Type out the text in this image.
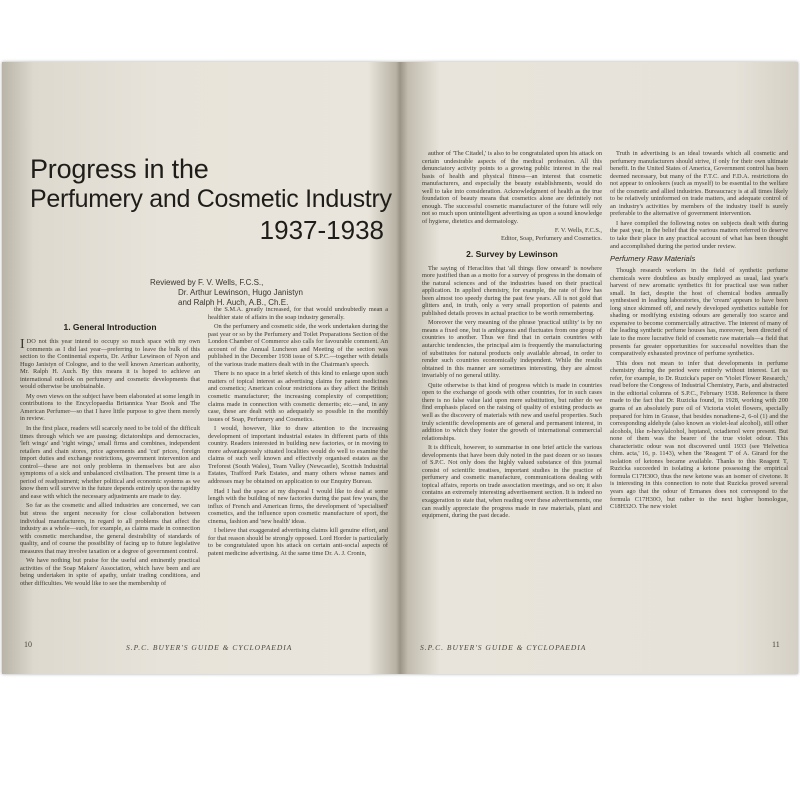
Progress in the
Perfumery and Cosmetic Industry
1937-1938
Reviewed by F. V. Wells, F.C.S.,
Dr. Arthur Lewinson, Hugo Janistyn
and Ralph H. Auch, A.B., Ch.E.
1. General Introduction

IDO not this year intend to occupy so much space with my own comments as I did last year—preferring to leave the bulk of this section to the Continental experts, Dr. Arthur Lewinson of Nyon and Hugo Janistyn of Cologne, and to the well known American authority, Mr. Ralph H. Auch. By this means it is hoped to achieve an international outlook on perfumery and cosmetic developments that would otherwise be unobtainable.

My own views on the subject have been elaborated at some length in contributions to the Encyclopaedia Britannica Year Book and The American Perfumer—so that I have little purpose to give them merely in review.

In the first place, readers will scarcely need to be told of the difficult times through which we are passing; dictatorships and democracies, 'left wings' and 'right wings,' small firms and combines, independent retailers and chain stores, price agreements and 'cut' prices, foreign import duties and exchange restrictions, government intervention and control—these are not only problems in themselves but are also symptoms of a sick and unbalanced civilisation. The present time is a period of readjustment; whether political and economic systems as we know them will survive in the future depends entirely upon the rapidity and ease with which the necessary adjustments are made to day.

So far as the cosmetic and allied industries are concerned, we can but stress the urgent necessity for close collaboration between individual manufacturers, in regard to all problems that affect the industry as a whole—such, for example, as claims made in connection with cosmetic merchandise, the general desirability of standards of quality, and of course the possibility of facing up to future legislative measures that may involve taxation or a degree of government control.

We have nothing but praise for the useful and eminently practical activities of the Soap Makers' Association, which have been and are being undertaken in spite of apathy, unfair trading conditions, and other difficulties. We would like to see the membership of

the S.M.A. greatly increased, for that would undoubtedly mean a healthier state of affairs in the soap industry generally.

On the perfumery and cosmetic side, the work undertaken during the past year or so by the Perfumery and Toilet Preparations Section of the London Chamber of Commerce also calls for favourable comment. An account of the Annual Luncheon and Meeting of the section was published in the December 1938 issue of S.P.C.—together with details of the various trade matters dealt with in the Chairman's speech.

There is no space in a brief sketch of this kind to enlarge upon such matters of topical interest as advertising claims for patent medicines and cosmetics; American colour restrictions as they affect the British cosmetic manufacturer; the increasing complexity of competition; claims made in connection with cosmetic demerits; etc.—and, in any case, these are dealt with so adequately so possible in the monthly issues of Soap, Perfumery and Cosmetics.

I would, however, like to draw attention to the increasing development of important industrial estates in different parts of this country. Readers interested in building new factories, or in moving to more advantageously situated localities would do well to examine the claims of such well known and effectively organised estates as the Treforest (South Wales), Team Valley (Newcastle), Scottish Industrial Estates, Trafford Park Estates, and many others whose names and addresses may be obtained on application to our Enquiry Bureau.

Had I had the space at my disposal I would like to deal at some length with the building of new factories during the past few years, the influx of French and American firms, the development of 'specialised' cosmetics, and the influence upon cosmetic manufacture of sport, the cinema, fashion and 'new health' ideas.

I believe that exaggerated advertising claims kill genuine effort, and for that reason should be strongly opposed. Lord Horder is particularly to be congratulated upon his attack on certain anti-social aspects of patent medicine advertising. At the same time Dr. A. J. Cronin,

10	S.P.C. BUYER'S GUIDE & CYCLOPAEDIA

author of 'The Citadel,' is also to be congratulated upon his attack on certain undesirable aspects of the medical profession. All this denunciatory activity points to a growing public interest in the real basis of health and physical fitness—an interest that cosmetic manufacturers, and especially the beauty establishments, would do well to take into consideration. Acknowledgment of health as the true foundation of beauty means that cosmetics alone are definitely not enough. The successful cosmetic manufacturer of the future will rely not so much upon unintelligent advertising as upon a sound knowledge of hygiene, dietetics and dermatology.

F. V. Wells, F.C.S.,

Editor, Soap, Perfumery and Cosmetics.

2. Survey by Lewinson

The saying of Heraclites that 'all things flow onward' is nowhere more justified than as a motto for a survey of progress in the domain of the natural sciences and of the industries based on their practical application. In applied chemistry, for example, the rate of flow has been almost too speedy during the past few years. All is not gold that glitters and, in truth, only a very small proportion of patents and published details proves in actual practice to be worth remembering.

Moreover the very meaning of the phrase 'practical utility' is by no means a fixed one, but is ambiguous and fluctuates from one group of countries to another. Thus we find that in certain countries with autarchic tendencies, the principal aim is frequently the manufacturing of substitutes for natural products only available abroad, in order to render such countries economically independent. While the results obtained in this manner are sometimes interesting, they are almost invariably of no general utility.

Quite otherwise is that kind of progress which is made in countries open to the exchange of goods with other countries, for in such cases there is no false value laid upon mere substitution, but rather do we find emphasis placed on the raising of quality of existing products as well as the discovery of materials with new and useful properties. Such truly scientific developments are of general and permanent interest, in addition to which they foster the growth of international commercial relationships.

It is difficult, however, to summarise in one brief article the various developments that have been duly noted in the past dozen or so issues of S.P.C. Not only does the highly valued substance of this journal consist of scientific treatises, important studies in the practice of perfumery and cosmetic manufacture, communications dealing with topical affairs, reports on trade association meetings, and so on; it also contains an extremely interesting advertisement section. It is indeed no exaggeration to state that, when reading over these advertisements, one can readily appreciate the progress made in raw materials, plant and equipment, during the past decade.

Truth in advertising is an ideal towards which all cosmetic and perfumery manufacturers should strive, if only for their own ultimate benefit. In the United States of America, Government control has been deemed necessary, but many of the F.T.C. and F.D.A. restrictions do not appear to onlookers (such as myself) to be essential to the welfare of the cosmetic and allied industries. Bureaucracy is at all times likely to be relatively uninformed on trade matters, and adequate control of an industry's activities by members of the industry itself is surely preferable to the alternative of government intervention.

I have compiled the following notes on subjects dealt with during the past year, in the belief that the various matters referred to deserve to take their place in any practical account of what has been thought and accomplished during the period under review.

Perfumery Raw Materials

Though research workers in the field of synthetic perfume chemicals were doubtless as busily employed as usual, last year's harvest of new aromatic synthetics fit for practical use was rather small. In fact, despite the host of chemical bodies annually synthesised in leading laboratories, the 'cream' appears to have been long since skimmed off, and newly developed synthetics suitable for shading or modifying existing odours are generally too scarce and expensive to become commercially attractive. The interest of many of the leading synthetic perfume houses has, moreover, been directed of late to the more lucrative field of cosmetic raw materials—a field that presents far greater opportunities for successful novelties than the comparatively exhausted province of perfume synthetics.

This does not mean to infer that developments in perfume chemistry during the period were entirely without interest. Let us refer, for example, to Dr. Ruzicka's paper on 'Violet Flower Research,' read before the Congress of Industrial Chemistry, Paris, and abstracted in the editorial columns of S.P.C., February 1938. Reference is there made to the fact that Dr. Ruzicka found, in 1928, working with 200 grams of an absolutely pure oil of Victoria violet flowers, specially prepared for him in Grasse, that besides nonadiene-2, 6-ol (1) and the corresponding aldehyde (also known as violet-leaf alcohol), still other alcohols, like n-hexylalcohol, heptanol, octadienol were present. But none of them was the bearer of the true violet odour. This characteristic odour was not discovered until 1933 (see 'Helvetica chim. acta,' 16, p. 1143), when the 'Reagent T' of A. Girard for the isolation of ketones became available. Thanks to this Reagent T, Ruzicka succeeded in isolating a ketone possessing the empirical formula C17H30O, thus the new ketone was an isomer of civetone. It is interesting in this connection to note that Ruzicka proved several years ago that the odour of Ermanes does not correspond to the formula C17H30O, but rather to the next higher homologue, C18H32O. The new violet

S.P.C. BUYER'S GUIDE & CYCLOPAEDIA	11
